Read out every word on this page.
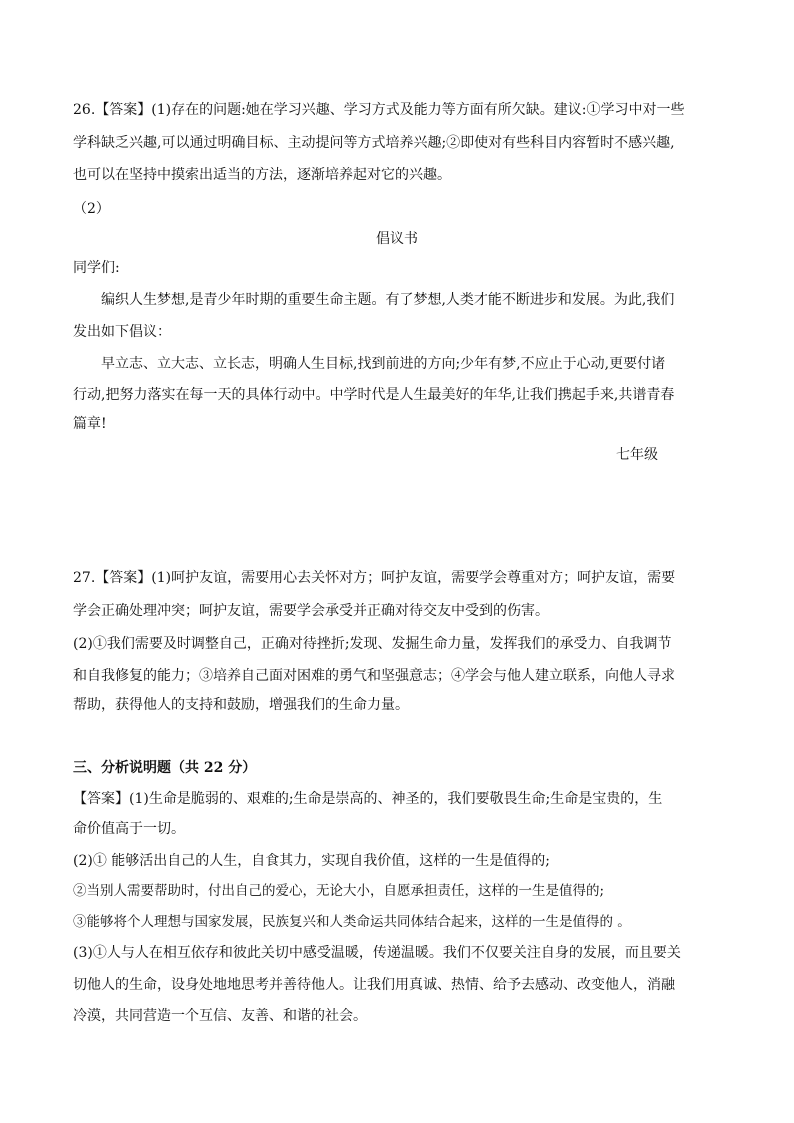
26.【答案】(1)存在的问题:她在学习兴趣、学习方式及能力等方面有所欠缺。建议:①学习中对一些
学科缺乏兴趣,可以通过明确目标、主动提问等方式培养兴趣;②即使对有些科目内容暂时不感兴趣,
也可以在坚持中摸索出适当的方法，逐渐培养起对它的兴趣。
（2）
倡议书
同学们:
编织人生梦想,是青少年时期的重要生命主题。有了梦想,人类才能不断进步和发展。为此,我们
发出如下倡议：
早立志、立大志、立长志，明确人生目标,找到前进的方向;少年有梦,不应止于心动,更要付诸
行动,把努力落实在每一天的具体行动中。中学时代是人生最美好的年华,让我们携起手来,共谱青春
篇章!
七年级
27.【答案】(1)呵护友谊，需要用心去关怀对方；呵护友谊，需要学会尊重对方；呵护友谊，需要
学会正确处理冲突；呵护友谊，需要学会承受并正确对待交友中受到的伤害。
(2)①我们需要及时调整自己，正确对待挫折;发现、发掘生命力量，发挥我们的承受力、自我调节
和自我修复的能力；③培养自己面对困难的勇气和坚强意志；④学会与他人建立联系，向他人寻求
帮助，获得他人的支持和鼓励，增强我们的生命力量。
三、分析说明题（共 22 分）
【答案】(1)生命是脆弱的、艰难的;生命是崇高的、神圣的，我们要敬畏生命;生命是宝贵的，生
命价值高于一切。
(2)① 能够活出自己的人生，自食其力，实现自我价值，这样的一生是值得的;
②当别人需要帮助时，付出自己的爱心，无论大小，自愿承担责任，这样的一生是值得的;
③能够将个人理想与国家发展，民族复兴和人类命运共同体结合起来，这样的一生是值得的 。
(3)①人与人在相互依存和彼此关切中感受温暖，传递温暖。我们不仅要关注自身的发展，而且要关
切他人的生命，设身处地地思考并善待他人。让我们用真诚、热情、给予去感动、改变他人，消融
冷漠，共同营造一个互信、友善、和谐的社会。
